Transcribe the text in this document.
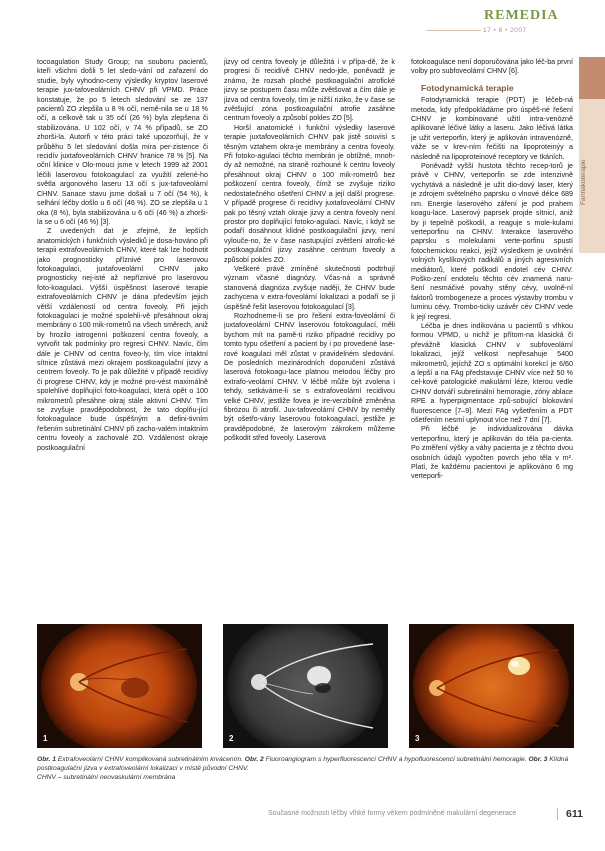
REMEDIA
17 • 6 • 2007
Farmakoterapie

tocoagulation Study Group; na souboru pacientů, kteří všichni došli 5 let sledo-vání od zařazení do studie, byly vyhodno-ceny výsledky kryptov laserové terapie jux-tafoveolárních CHNV při VPMD. Práce konstatuje, že po 5 letech sledování se ze 137 pacientů ZO zlepšila u 8 % očí, nemě-nila se u 18 % očí, a celkově tak u 35 očí (26 %) byla zlepšena či stabilizována. U 102 očí, v 74 % případů, se ZO zhorši-la. Autorři v této práci také upozorňují, že v průběhu 5 let sledování došla míra per-zistence či recidív juxtafoveolárních CHNV hranice 78 % [5]. Na oční klinice v Olo-mouci jsme v letech 1999 až 2001 léčili laserovou fotokoagulací za využití zelené-ho světla argonového laseru 13 očí s jux-tafoveolární CHNV. Sanace stavu jsme došali u 7 očí (54 %), k selhání léčby došlo u 6 očí (46 %). ZO se zlepšila u 1 oka (8 %), byla stabilizována u 6 očí (46 %) a zhorši-la se u 6 očí (46 %) [3].

Z uvedených dat je zřejmé, že lepších anatomických i funkčních výsledků je dosa-hováno při terapii extrafoveolárních CHNV, které tak lze hodnotit jako prognosticky příznivé pro laserovou fotokoagulaci, juxtafoveolární CHNV jako prognosticky nej-isté až nepříznivé pro laserovou foto-koagulaci. Výšší úspěšnost laserové terapie extrafoveolárních CHNV je dána především jejich větší vzdáleností od centra foveoly. Při jejich fotokoagulaci je možné spolehli-vě přesáhnout okraj membrány o 100 mik-rometrů na všech směrech, aniž by hrozilo iatrogenní poškození centra foveoly, a vytvořit tak podmínky pro regresi CHNV. Navíc, čím dále je CHNV od centra foveo-ly, tím více intaktní sítnice zůstává mezi okrajem postkoagulační jizvy a centrem foveoly. To je pak důležité v případě recidívy či progrese CHNV, kdy je možné pro-vést maximálně spolehlivé doplňující foto-koagulaci, která opět o 100 mikrometrů přesáhne okraj stále aktivní CHNV. Tím se zvyšuje pravděpodobnost, že tato doplňu-jící fotokoagulace bude úspěšným a defini-tivním řešením subretinální CHNV při zacho-valém intaktním centru foveoly a zachovalé ZO. Vzdálenost okraje postkoagulační

jizvy od centra foveoly je důležitá i v přípa-dě, že k progresi či recidívě CHNV nedo-jde, poněvadž je známo, že rozsah ploché postkoagulační atrofické jizvy se postupem času může zvětšovat a čím dále je jizva od centra foveoly, tím je nižší riziko, že v čase se zvětšující zóna postkoagulační atrofie zasáhne centrum foveoly a způsobí pokles ZO [5].

Horší anatomické i funkční výsledky laserové terapie juxtafoveolárních CHNV pak jistě souvisí s těsným vztahem okra-je membrány a centra foveoly. Při fotoko-agulaci těchto membrán je obtížné, mnoh-dy až nemožné, na straně rozhouné k centru foveoly přesáhnout okraj CHNV o 100 mik-rometrů bez poškození centra foveoly, čímž se zvyšuje riziko nedostatečného ošetření CHNV a její další progrese. V případě progrese či recidívy juxtafoveolární CHNV pak po těsný vztah okraje jizvy a centra foveoly není prostor pro doplňující fotoko-agulaci. Navíc, i když se podaří dosáhnout klídné postkoagulační jizvy, není vylouče-no, že v čase nastupující zvětšení atrofic-ké postkoagulační jizvy zasáhne centrum foveoly a způsobí pokles ZO.

Veškeré právě zmíněné skutečnosti podtrhují význam včasné diagnózy. Včas-ná a správně stanovená diagnóza zvyšuje naději, že CHNV bude zachycena v extra-foveolární lokalizaci a podaří se ji úspěšně řešit laserovou fotokoagulací [3].

Rozhodneme-li se pro řešení extra-foveolární či juxtafoveolární CHNV laserovou fotokoagulací, měli bychom mít na pamě-ti riziko případné recidívy po tomto typu ošetření a pacient by i po provedené lase-rové koagulaci měl zůstat v pravidelném sledování. De posledních mezinárodních doporučení zůstává laserová fotokoagu-lace platnou metodou léčby pro extrafo-veolární CHNV. V léčbě může být zvolena i tehdy, setkáváme-li se s extrafoveolární recidivou velké CHNV, jestliže fovea je ire-verzibilně změněna fibrózou či atrofií. Jux-tafoveolární CHNV by neměly být ošetřo-vány laserovou fotokoagulací, jestliže je pravděpodobné, že laserovým zákrokem můžeme poškodit střed foveoly. Laserová

fotokoagulace není doporučována jako léč-ba první volby pro subfoveolární CHNV [6].

Fotodynamická terapie

Fotodynamická terapie (PDT) je léčeb-ná metoda, kdy předpokládáme pro úspěš-né řešení CHNV je kombinované užití intra-venózně aplikované léčivé látky a laseru. Jako léčivá látka je užit verteporfin, který je aplikován intravenózně, váže se v krev-ním řečišti na lipoproteinýy a následně na lipoproteinové receptory ve tkáních.

Poněvadž vyšší hustota těchto recep-torů je právě v CHNV, verteporfin se zde intenzivně vychytává a následně je užit dio-dový laser, který je zdrojem světelného paprsku o vlnové délce 689 nm. Energie laserového záření je pod prahem koagu-lace. Laserový paprsek projde sítnicí, aniž by ji tepelně poškodil, a reaguje s mole-kulami verteporfinu na CHNV. Interakce laserového paprsku s molekulami verte-porfinu spustí fotochemickou reakci, jejíž výsledkem je uvolnění volných kyslíkových radikálů a jiných agresivních mediátorů, které poškodí endotel cév CHNV. Poško-zení endotelu těchto cév znamená naru-šení nesmáčivé povahy stěny cévy, uvolně-ní faktorů trombogeneze a proces výstavby trombu v luminu cévy. Trombo-ticky uzávěr cév CHNV vede k její regresi.

Léčba je dnes indikována u pacientů s vlhkou formou VPMD, u nichž je přítom-na klasická či převážně klasická CHNV v subfoveolární lokalizaci, jejíž velikost nepřesahuje 5400 mikrometrů, jejíchž ZO s optimální korekcí je 6/60 a lepší a na FAg představuje CHNV více než 50 % cel-kové patologické makulární léze, kterou vedle CHNV dotváří subretinální hemoragie, zóny ablace RPE a hyperpigmentace způ-sobující blokování fluorescence [7–9]. Mezi FAg vyšetřením a PDT ošetřením nesmí uplynout více než 7 dní [7].

Při léčbě je individualizována dávka verteporfinu, který je aplikován do těla pa-cienta. Po změření výšky a váhy pacienta je z těchto dvou osobních údajů vypočten povrch jeho těla v m². Platí, že každému pacientovi je aplikováno 6 mg verteporfi-

1	2	3
Obr. 1 Extrafoveolární CHNV komplikovaná subretinálním krvácením. Obr. 2 Fluoroangiogram s hyperfluorescencí CHNV a hypofluorescencí subretinální hemoragie. Obr. 3 Klídná postkoagulační jizva v extrafoveolární lokalizaci v místě původní CHNV.
CHNV – subretinální neovaskulární membrána
Současné možnosti léčby vlhké formy věkem podmíněné makulární degenerace	611
